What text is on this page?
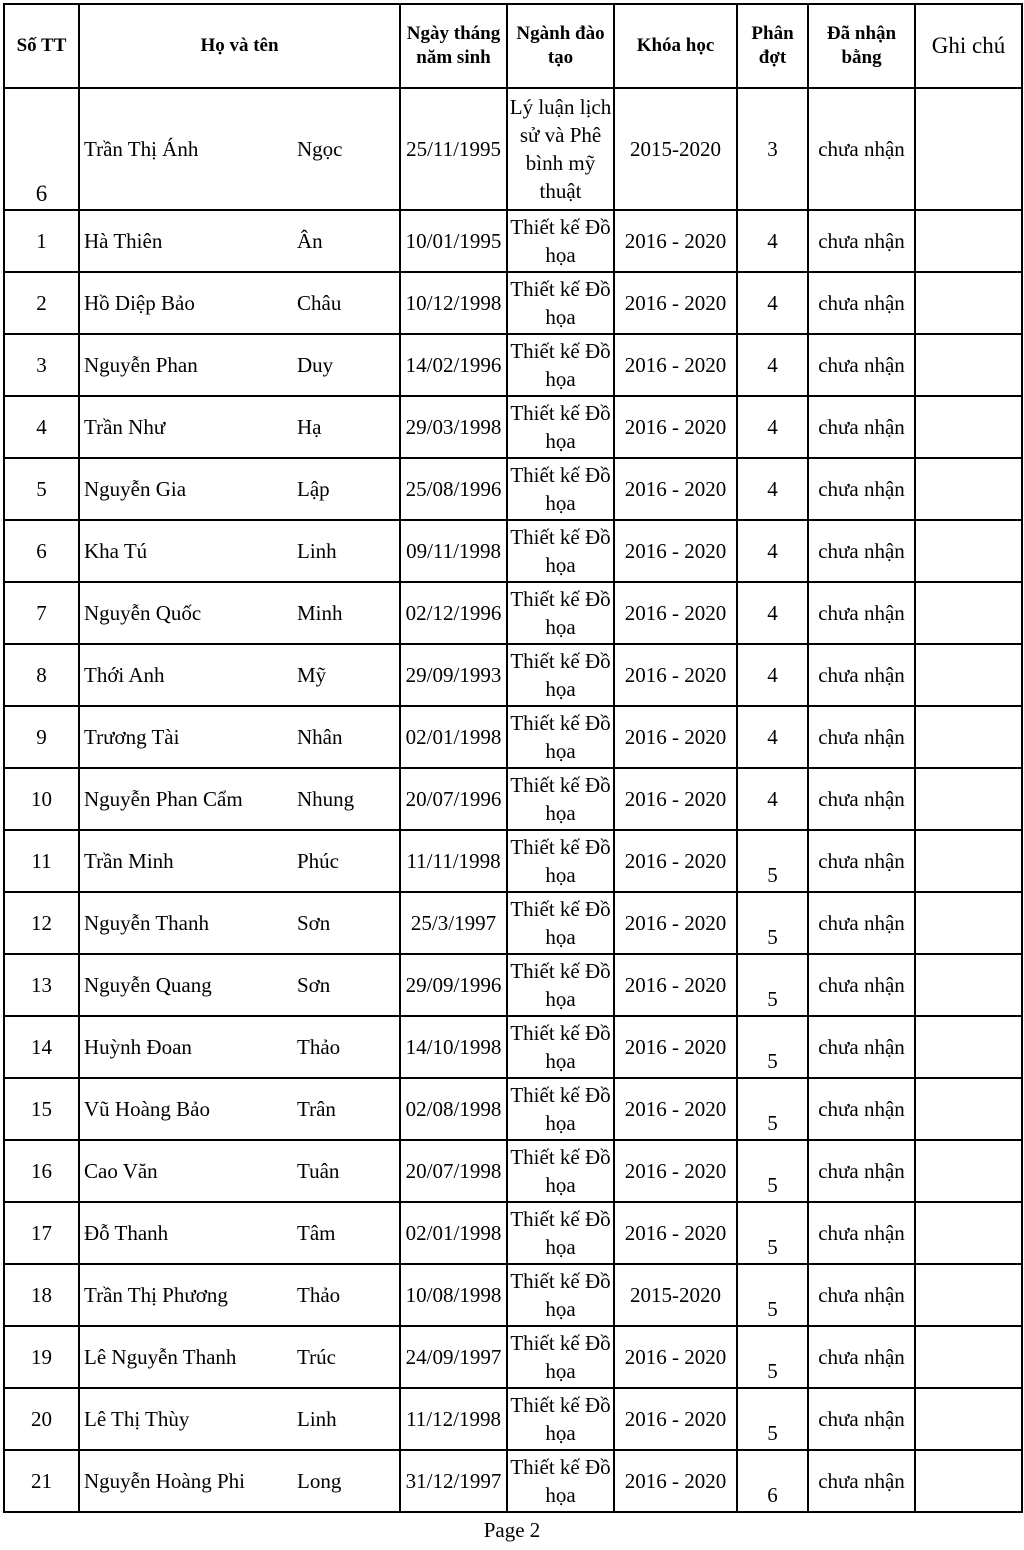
Số TT	Họ và tên		Ngày tháng năm sinh	Ngành đào tạo	Khóa học	Phân đợt	Đã nhận bằng	Ghi chú
6	Trần Thị Ánh	Ngọc	25/11/1995	Lý luận lịch sử và Phê bình mỹ thuật	2015-2020	3	chưa nhận	
1	Hà Thiên	Ân	10/01/1995	Thiết kế Đồ họa	2016 - 2020	4	chưa nhận	
2	Hồ Diệp Bảo	Châu	10/12/1998	Thiết kế Đồ họa	2016 - 2020	4	chưa nhận	
3	Nguyễn Phan	Duy	14/02/1996	Thiết kế Đồ họa	2016 - 2020	4	chưa nhận	
4	Trần Như	Hạ	29/03/1998	Thiết kế Đồ họa	2016 - 2020	4	chưa nhận	
5	Nguyễn Gia	Lập	25/08/1996	Thiết kế Đồ họa	2016 - 2020	4	chưa nhận	
6	Kha Tú	Linh	09/11/1998	Thiết kế Đồ họa	2016 - 2020	4	chưa nhận	
7	Nguyễn Quốc	Minh	02/12/1996	Thiết kế Đồ họa	2016 - 2020	4	chưa nhận	
8	Thới Anh	Mỹ	29/09/1993	Thiết kế Đồ họa	2016 - 2020	4	chưa nhận	
9	Trương Tài	Nhân	02/01/1998	Thiết kế Đồ họa	2016 - 2020	4	chưa nhận	
10	Nguyễn Phan Cẩm	Nhung	20/07/1996	Thiết kế Đồ họa	2016 - 2020	4	chưa nhận	
11	Trần Minh	Phúc	11/11/1998	Thiết kế Đồ họa	2016 - 2020	5	chưa nhận	
12	Nguyễn Thanh	Sơn	25/3/1997	Thiết kế Đồ họa	2016 - 2020	5	chưa nhận	
13	Nguyễn Quang	Sơn	29/09/1996	Thiết kế Đồ họa	2016 - 2020	5	chưa nhận	
14	Huỳnh Đoan	Thảo	14/10/1998	Thiết kế Đồ họa	2016 - 2020	5	chưa nhận	
15	Vũ Hoàng Bảo	Trân	02/08/1998	Thiết kế Đồ họa	2016 - 2020	5	chưa nhận	
16	Cao Văn	Tuân	20/07/1998	Thiết kế Đồ họa	2016 - 2020	5	chưa nhận	
17	Đỗ Thanh	Tâm	02/01/1998	Thiết kế Đồ họa	2016 - 2020	5	chưa nhận	
18	Trần Thị Phương	Thảo	10/08/1998	Thiết kế Đồ họa	2015-2020	5	chưa nhận	
19	Lê Nguyễn Thanh	Trúc	24/09/1997	Thiết kế Đồ họa	2016 - 2020	5	chưa nhận	
20	Lê Thị Thùy	Linh	11/12/1998	Thiết kế Đồ họa	2016 - 2020	5	chưa nhận	
21	Nguyễn Hoàng Phi	Long	31/12/1997	Thiết kế Đồ họa	2016 - 2020	6	chưa nhận	
Page 2
